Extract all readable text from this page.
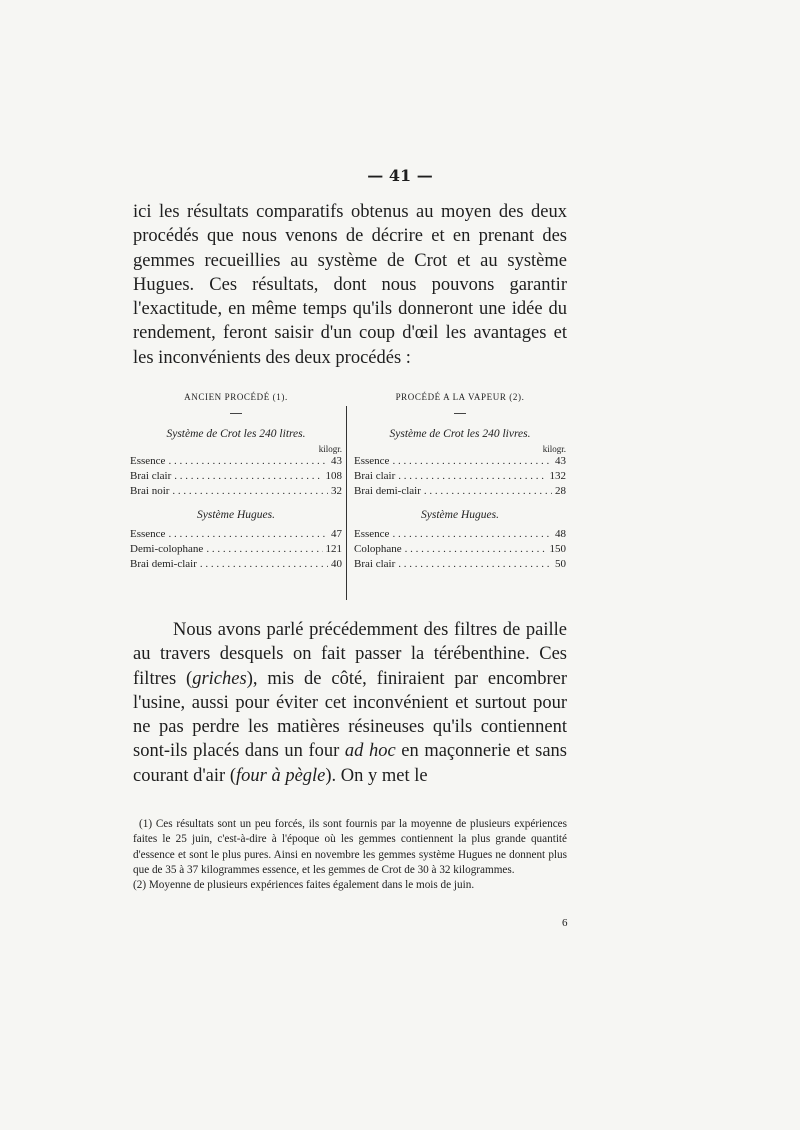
— 41 —

ici les résultats comparatifs obtenus au moyen des deux procédés que nous venons de décrire et en prenant des gemmes recueillies au système de Crot et au système Hugues. Ces résultats, dont nous pouvons garantir l'exactitude, en même temps qu'ils donneront une idée du rendement, feront saisir d'un coup d'œil les avantages et les inconvénients des deux procédés :

ANCIEN PROCÉDÉ (1).
Système de Crot les 240 litres.
kilogr.
Essence . . .	43
Brai clair . . .	108
Brai noir . . .	32
Système Hugues.
Essence . . .	47
Demi-colophane . . .	121
Brai demi-clair . . .	40
PROCÉDÉ A LA VAPEUR (2).
Système de Crot les 240 livres.
kilogr.
Essence . . .	43
Brai clair . . .	132
Brai demi-clair . . .	28
Système Hugues.
Essence . . .	48
Colophane . . .	150
Brai clair . . .	50

Nous avons parlé précédemment des filtres de paille au travers desquels on fait passer la térébenthine. Ces filtres (griches), mis de côté, finiraient par encombrer l'usine, aussi pour éviter cet inconvénient et surtout pour ne pas perdre les matières résineuses qu'ils contiennent sont-ils placés dans un four ad hoc en maçonnerie et sans courant d'air (four à pègle). On y met le

(1) Ces résultats sont un peu forcés, ils sont fournis par la moyenne de plusieurs expériences faites le 25 juin, c'est-à-dire à l'époque où les gemmes contiennent la plus grande quantité d'essence et sont le plus pures. Ainsi en novembre les gemmes système Hugues ne donnent plus que de 35 à 37 kilogrammes essence, et les gemmes de Crot de 30 à 32 kilogrammes.

(2) Moyenne de plusieurs expériences faites également dans le mois de juin.

6
